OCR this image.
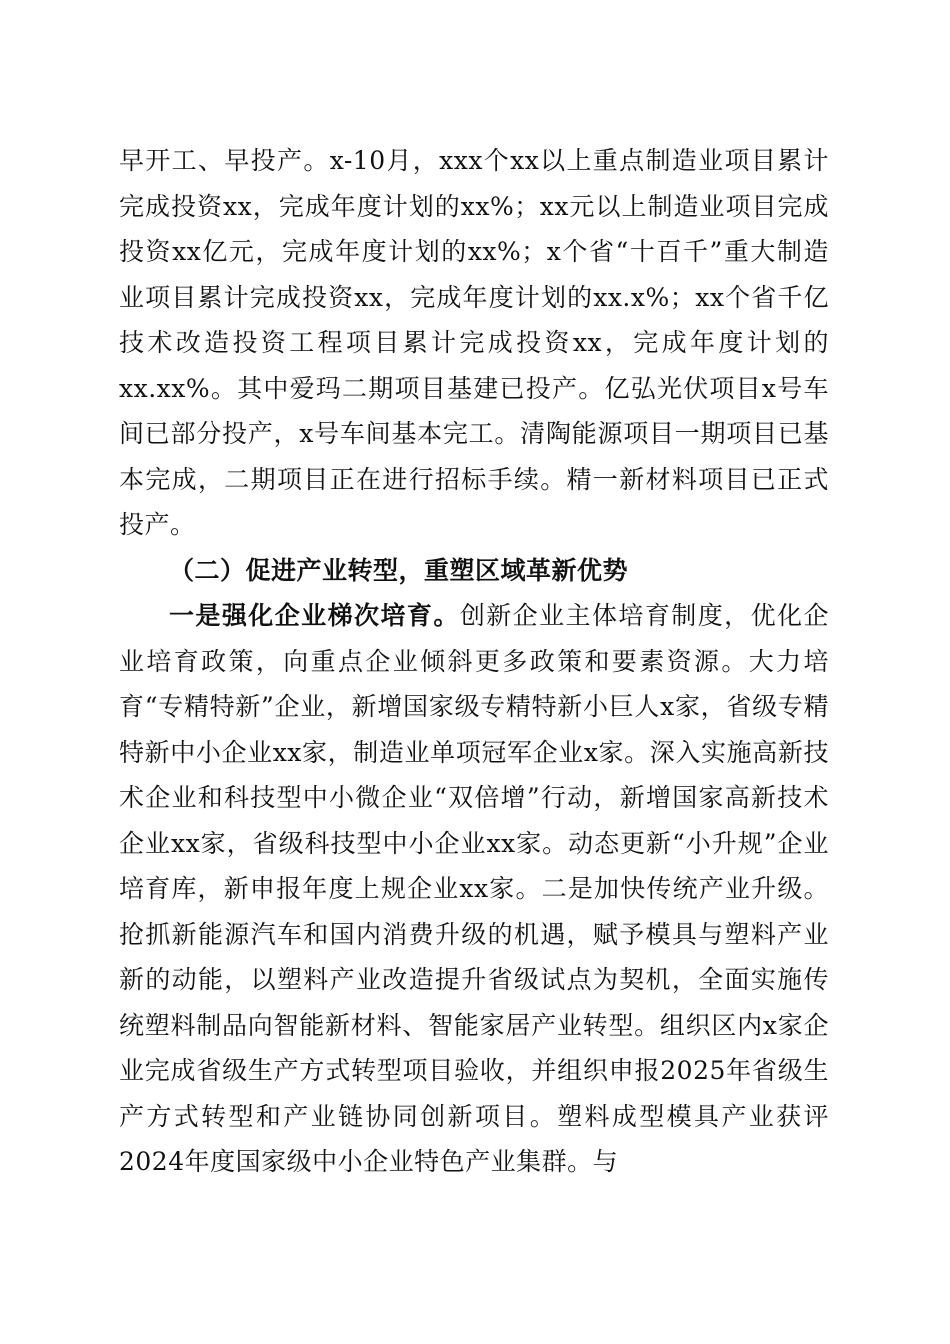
早开工、早投产。x-10月，xxx个xx以上重点制造业项目累计完成投资xx，完成年度计划的xx%；xx元以上制造业项目完成投资xx亿元，完成年度计划的xx%；x个省“十百千”重大制造业项目累计完成投资xx，完成年度计划的xx.x%；xx个省千亿技术改造投资工程项目累计完成投资xx，完成年度计划的xx.xx%。其中爱玛二期项目基建已投产。亿弘光伏项目x号车间已部分投产，x号车间基本完工。清陶能源项目一期项目已基本完成，二期项目正在进行招标手续。精一新材料项目已正式投产。

（二）促进产业转型，重塑区域革新优势

一是强化企业梯次培育。创新企业主体培育制度，优化企业培育政策，向重点企业倾斜更多政策和要素资源。大力培育“专精特新”企业，新增国家级专精特新小巨人x家，省级专精特新中小企业xx家，制造业单项冠军企业x家。深入实施高新技术企业和科技型中小微企业“双倍增”行动，新增国家高新技术企业xx家，省级科技型中小企业xx家。动态更新“小升规”企业培育库，新申报年度上规企业xx家。二是加快传统产业升级。抢抓新能源汽车和国内消费升级的机遇，赋予模具与塑料产业新的动能，以塑料产业改造提升省级试点为契机，全面实施传统塑料制品向智能新材料、智能家居产业转型。组织区内x家企业完成省级生产方式转型项目验收，并组织申报2025年省级生产方式转型和产业链协同创新项目。塑料成型模具产业获评2024年度国家级中小企业特色产业集群。与
